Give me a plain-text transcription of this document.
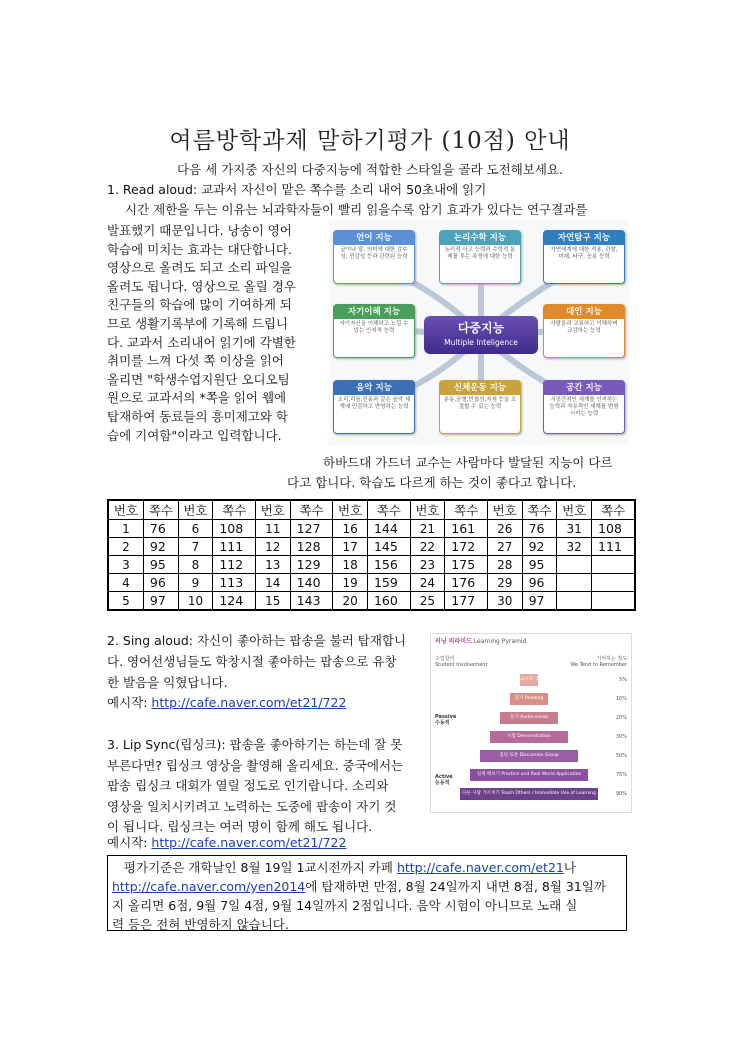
여름방학과제 말하기평가 (10점) 안내
다음 세 가지중 자신의 다중지능에 적합한 스타일을 골라 도전해보세요.
1. Read aloud: 교과서 자신이 맡은 쪽수를 소리 내어 50초내에 읽기
시간 제한을 두는 이유는 뇌과학자들이 빨리 읽을수록 암기 효과가 있다는 연구결과를
발표했기 때문입니다. 낭송이 영어
학습에 미치는 효과는 대단합니다.
영상으로 올려도 되고 소리 파일을
올려도 됩니다. 영상으로 올릴 경우
친구들의 학습에 많이 기여하게 되
므로 생활기록부에 기록해 드립니
다. 교과서 소리내어 읽기에 각별한
취미를 느껴 다섯 쪽 이상을 읽어
올리면 "학생수업지원단 오디오팀
원으로 교과서의 *쪽을 읽어 웹에
탑재하여 동료들의 흥미제고와 학
습에 기여함"이라고 입력합니다.
언어 지능
글이나 말, 의미에 대한 감수성, 민감성 등과 관련된 능력
논리수학 지능
논리적 사고 능력과 수학적 문제를 푸는 과정에 대한 능력
자연탐구 지능
자연세계에 대한 적용, 관찰, 미래, 타구, 응용 능력
자기이해 지능
자기자신을 이해하고 느낄 수 있는 인지적 능력
대인 지능
사람들과 교류하고 이해하며 교감하는 능력
음악 지능
소리,리듬,진동과 같은 음악 세계에 민감하고 반영하는 능력
신체운동 지능
운동,균형,민첩성,자세 등을 조절할 수 있는 능력
공간 지능
시공간적인 세계를 인지하는 능력과 자유적인 세계를 변형시키는 능력
다중지능
Multiple Inteligence
하바드대 가드너 교수는 사람마다 발달된 지능이 다르
다고 합니다. 학습도 다르게 하는 것이 좋다고 합니다.
번호	쪽수	번호	쪽수	번호	쪽수	번호	쪽수	번호	쪽수	번호	쪽수	번호	쪽수
1	76	6	108	11	127	16	144	21	161	26	76	31	108
2	92	7	111	12	128	17	145	22	172	27	92	32	111
3	95	8	112	13	129	18	156	23	175	28	95		
4	96	9	113	14	140	19	159	24	176	29	96		
5	97	10	124	15	143	20	160	25	177	30	97		
2. Sing aloud: 자신이 좋아하는 팝송을 불러 탑재합니
다. 영어선생님들도 학창시절 좋아하는 팝송으로 유창
한 발음을 익혔답니다.
예시작: http://cafe.naver.com/et21/722
3. Lip Sync(립싱크): 팝송을 좋아하기는 하는데 잘 못
부른다면? 립싱크 영상을 촬영해 올리세요. 중국에서는
팝송 립싱크 대회가 열릴 정도로 인기랍니다. 소리와
영상을 일치시키려고 노력하는 도중에 팝송이 자기 것
이 됩니다. 립싱크는 여러 명이 함께 해도 됩니다.
예시작: http://cafe.naver.com/et21/722
러닝 피라미드 Learning Pyramid
수업참여
Student Involvement
기억하는 정도
We Tend to Remember
Passive
수동적
Active
능동적
교사의 강의를 듣는 것	5%
읽기 Reading	10%
듣기 Audio-visual	20%
시범 Demonstration	30%
집단 토론 Discussion Group	50%
실제 해보기 Practice and Real World Application	75%
다른 사람 가르치기 Teach Others / Immediate Use of Learning	90%
평가기준은 개학날인 8월 19일 1교시전까지 카페 http://cafe.naver.com/et21나
http://cafe.naver.com/yen2014에 탑재하면 만점, 8월 24일까지 내면 8점, 8월 31일까
지 올리면 6점, 9월 7일 4점, 9월 14일까지 2점입니다. 음악 시험이 아니므로 노래 실
력 등은 전혀 반영하지 않습니다.
